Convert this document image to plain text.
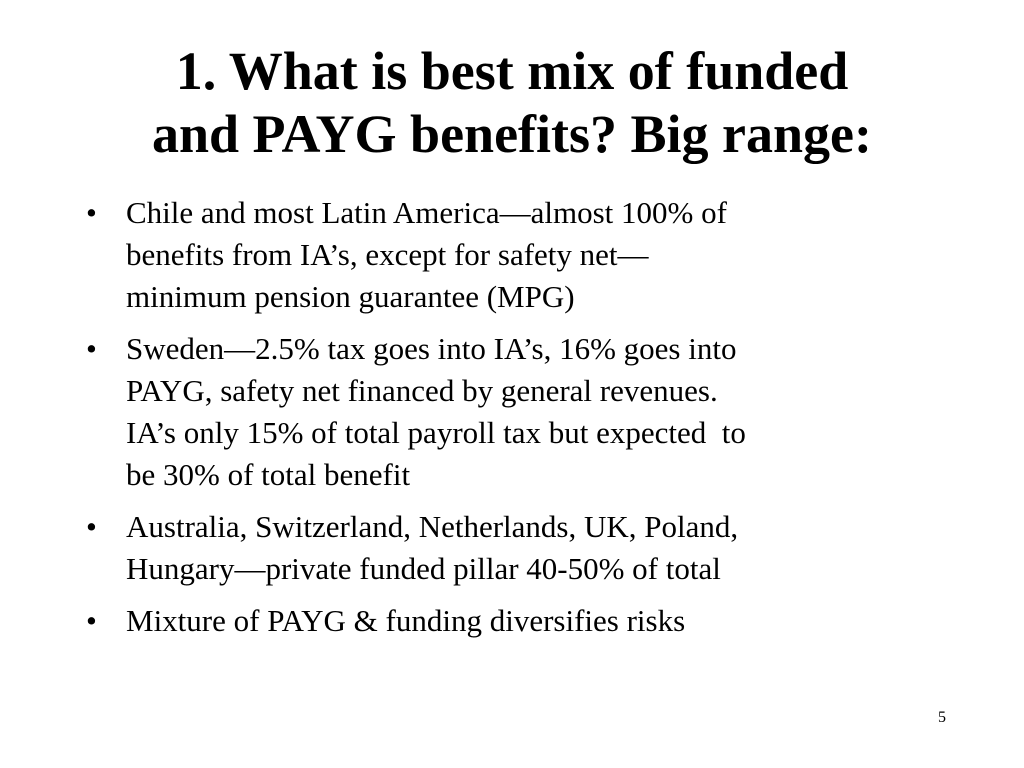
1. What is best mix of funded
and PAYG benefits? Big range:
• Chile and most Latin America—almost 100% of
benefits from IA’s, except for safety net—
minimum pension guarantee (MPG)
• Sweden—2.5% tax goes into IA’s, 16% goes into
PAYG, safety net financed by general revenues.
IA’s only 15% of total payroll tax but expected  to
be 30% of total benefit
• Australia, Switzerland, Netherlands, UK, Poland,
Hungary—private funded pillar 40-50% of total
• Mixture of PAYG & funding diversifies risks
5
